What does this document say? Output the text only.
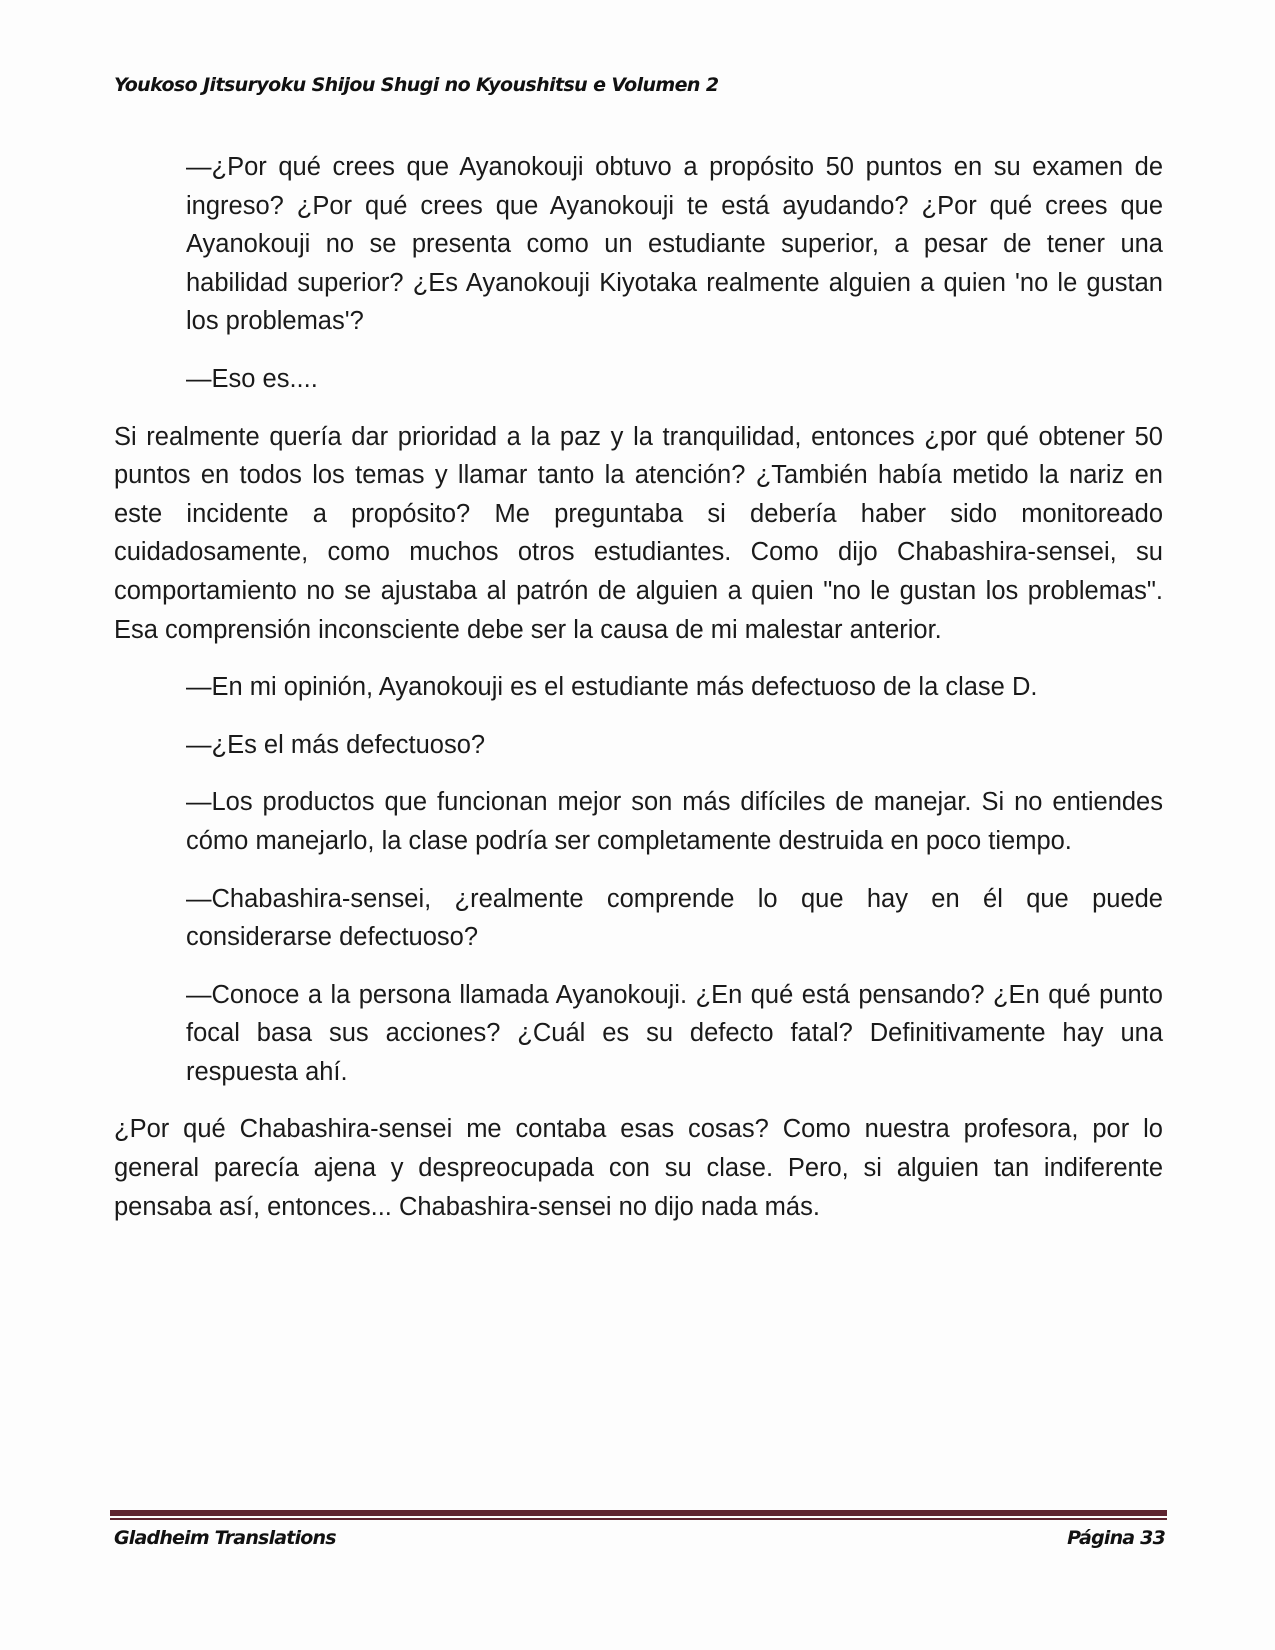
Youkoso Jitsuryoku Shijou Shugi no Kyoushitsu e Volumen 2

—¿Por qué crees que Ayanokouji obtuvo a propósito 50 puntos en su examen de ingreso? ¿Por qué crees que Ayanokouji te está ayudando? ¿Por qué crees que Ayanokouji no se presenta como un estudiante superior, a pesar de tener una habilidad superior? ¿Es Ayanokouji Kiyotaka realmente alguien a quien 'no le gustan los problemas'?

—Eso es....

Si realmente quería dar prioridad a la paz y la tranquilidad, entonces ¿por qué obtener 50 puntos en todos los temas y llamar tanto la atención? ¿También había metido la nariz en este incidente a propósito? Me preguntaba si debería haber sido monitoreado cuidadosamente, como muchos otros estudiantes. Como dijo Chabashira-sensei, su comportamiento no se ajustaba al patrón de alguien a quien "no le gustan los problemas". Esa comprensión inconsciente debe ser la causa de mi malestar anterior.

—En mi opinión, Ayanokouji es el estudiante más defectuoso de la clase D.

—¿Es el más defectuoso?

—Los productos que funcionan mejor son más difíciles de manejar. Si no entiendes cómo manejarlo, la clase podría ser completamente destruida en poco tiempo.

—Chabashira-sensei, ¿realmente comprende lo que hay en él que puede considerarse defectuoso?

—Conoce a la persona llamada Ayanokouji. ¿En qué está pensando? ¿En qué punto focal basa sus acciones? ¿Cuál es su defecto fatal? Definitivamente hay una respuesta ahí.

¿Por qué Chabashira-sensei me contaba esas cosas? Como nuestra profesora, por lo general parecía ajena y despreocupada con su clase. Pero, si alguien tan indiferente pensaba así, entonces... Chabashira-sensei no dijo nada más.

Gladheim Translations	Página 33
